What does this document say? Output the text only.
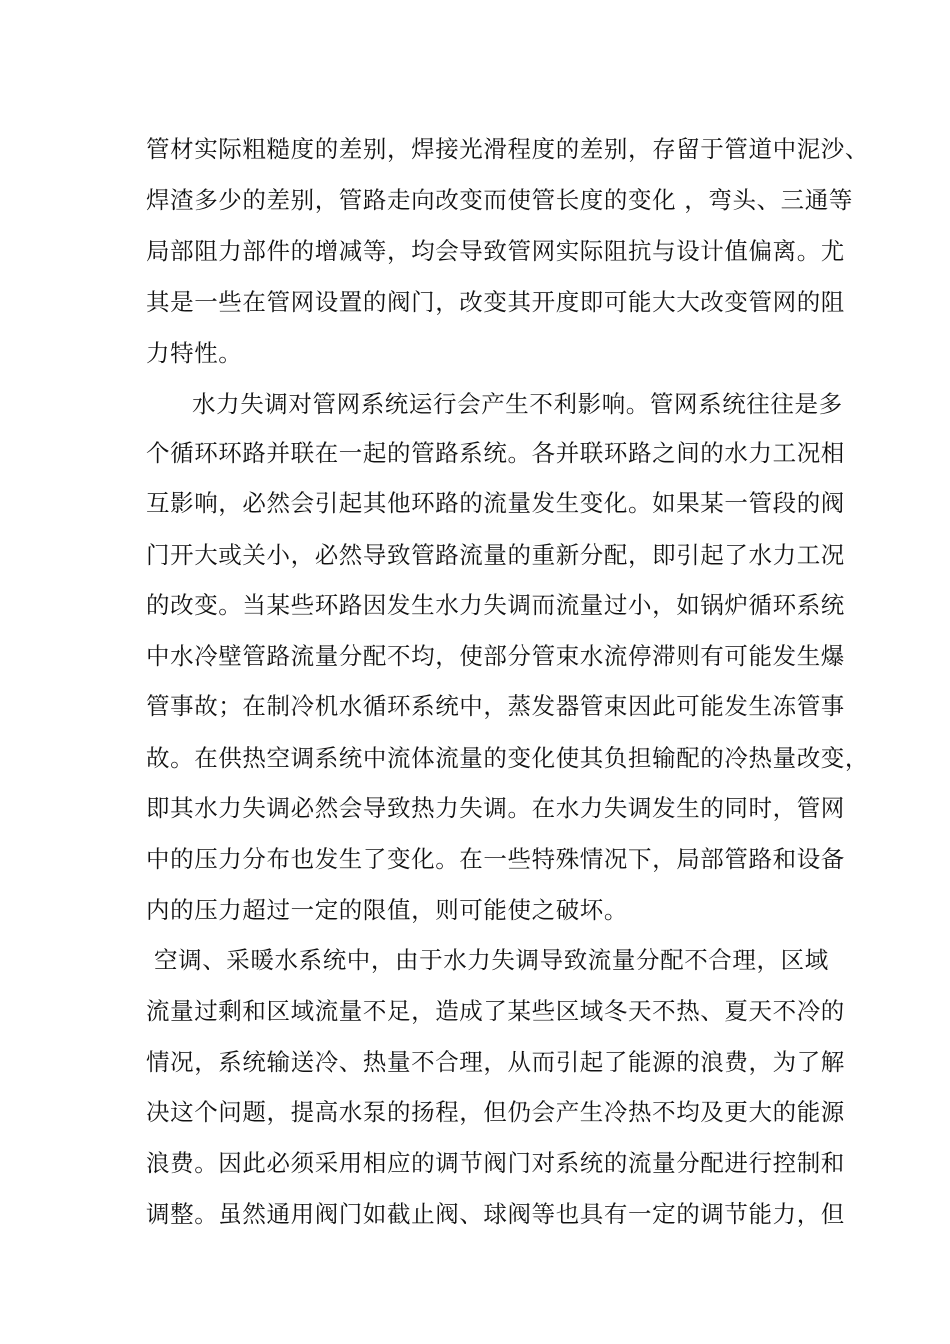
管材实际粗糙度的差别，焊接光滑程度的差别，存留于管道中泥沙、
焊渣多少的差别，管路走向改变而使管长度的变化 ，弯头、三通等
局部阻力部件的增减等，均会导致管网实际阻抗与设计值偏离。尤
其是一些在管网设置的阀门，改变其开度即可能大大改变管网的阻
力特性。
水力失调对管网系统运行会产生不利影响。管网系统往往是多
个循环环路并联在一起的管路系统。各并联环路之间的水力工况相
互影响，必然会引起其他环路的流量发生变化。如果某一管段的阀
门开大或关小，必然导致管路流量的重新分配，即引起了水力工况
的改变。当某些环路因发生水力失调而流量过小，如锅炉循环系统
中水冷壁管路流量分配不均，使部分管束水流停滞则有可能发生爆
管事故；在制冷机水循环系统中，蒸发器管束因此可能发生冻管事
故。在供热空调系统中流体流量的变化使其负担输配的冷热量改变，
即其水力失调必然会导致热力失调。在水力失调发生的同时，管网
中的压力分布也发生了变化。在一些特殊情况下，局部管路和设备
内的压力超过一定的限值，则可能使之破坏。
空调、采暖水系统中，由于水力失调导致流量分配不合理，区域
流量过剩和区域流量不足，造成了某些区域冬天不热、夏天不冷的
情况，系统输送冷、热量不合理，从而引起了能源的浪费，为了解
决这个问题，提高水泵的扬程，但仍会产生冷热不均及更大的能源
浪费。因此必须采用相应的调节阀门对系统的流量分配进行控制和
调整。虽然通用阀门如截止阀、球阀等也具有一定的调节能力，但
